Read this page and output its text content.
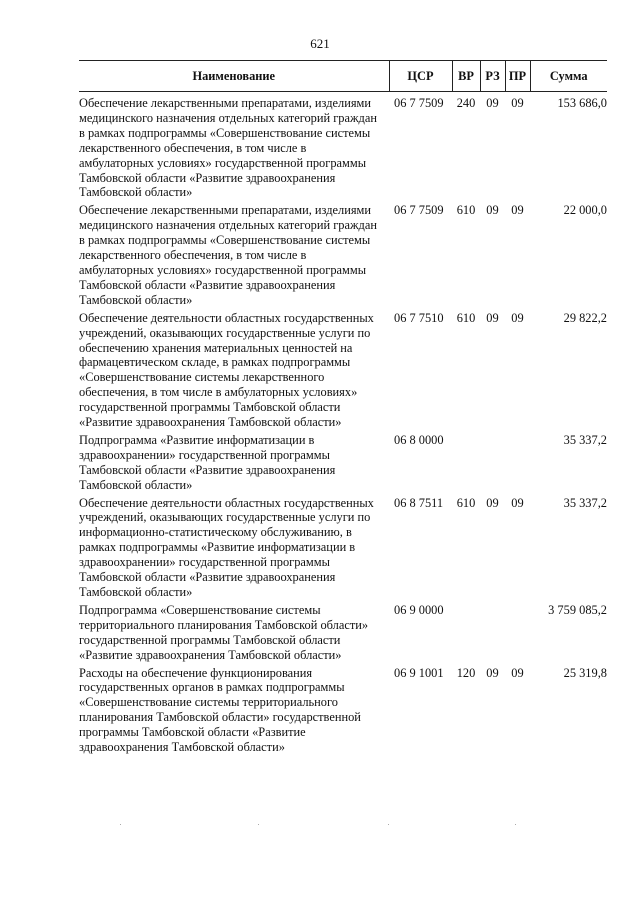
621
Наименование	ЦСР	ВР	РЗ	ПР	Сумма
Обеспечение лекарственными препаратами, изделиями медицинского назначения отдельных категорий граждан в рамках подпрограммы «Совершенствование системы лекарственного обеспечения, в том числе в амбулаторных условиях» государственной программы Тамбовской области «Развитие здравоохранения Тамбовской области»	06 7 7509	240	09	09	153 686,0
Обеспечение лекарственными препаратами, изделиями медицинского назначения отдельных категорий граждан в рамках подпрограммы «Совершенствование системы лекарственного обеспечения, в том числе в амбулаторных условиях» государственной программы Тамбовской области «Развитие здравоохранения Тамбовской области»	06 7 7509	610	09	09	22 000,0
Обеспечение деятельности областных государственных учреждений, оказывающих государственные услуги по обеспечению хранения материальных ценностей на фармацевтическом складе, в рамках подпрограммы «Совершенствование системы лекарственного обеспечения, в том числе в амбулаторных условиях» государственной программы Тамбовской области «Развитие здравоохранения Тамбовской области»	06 7 7510	610	09	09	29 822,2
Подпрограмма «Развитие информатизации в здравоохранении» государственной программы Тамбовской области «Развитие здравоохранения Тамбовской области»	06 8 0000				35 337,2
Обеспечение деятельности областных государственных учреждений, оказывающих государственные услуги по информационно-статистическому обслуживанию, в рамках подпрограммы «Развитие информатизации в здравоохранении» государственной программы Тамбовской области «Развитие здравоохранения Тамбовской области»	06 8 7511	610	09	09	35 337,2
Подпрограмма «Совершенствование системы территориального планирования Тамбовской области» государственной программы Тамбовской области «Развитие здравоохранения Тамбовской области»	06 9 0000				3 759 085,2
Расходы на обеспечение функционирования государственных органов в рамках подпрограммы «Совершенствование системы территориального планирования Тамбовской области» государственной программы Тамбовской области «Развитие здравоохранения Тамбовской области»	06 9 1001	120	09	09	25 319,8
